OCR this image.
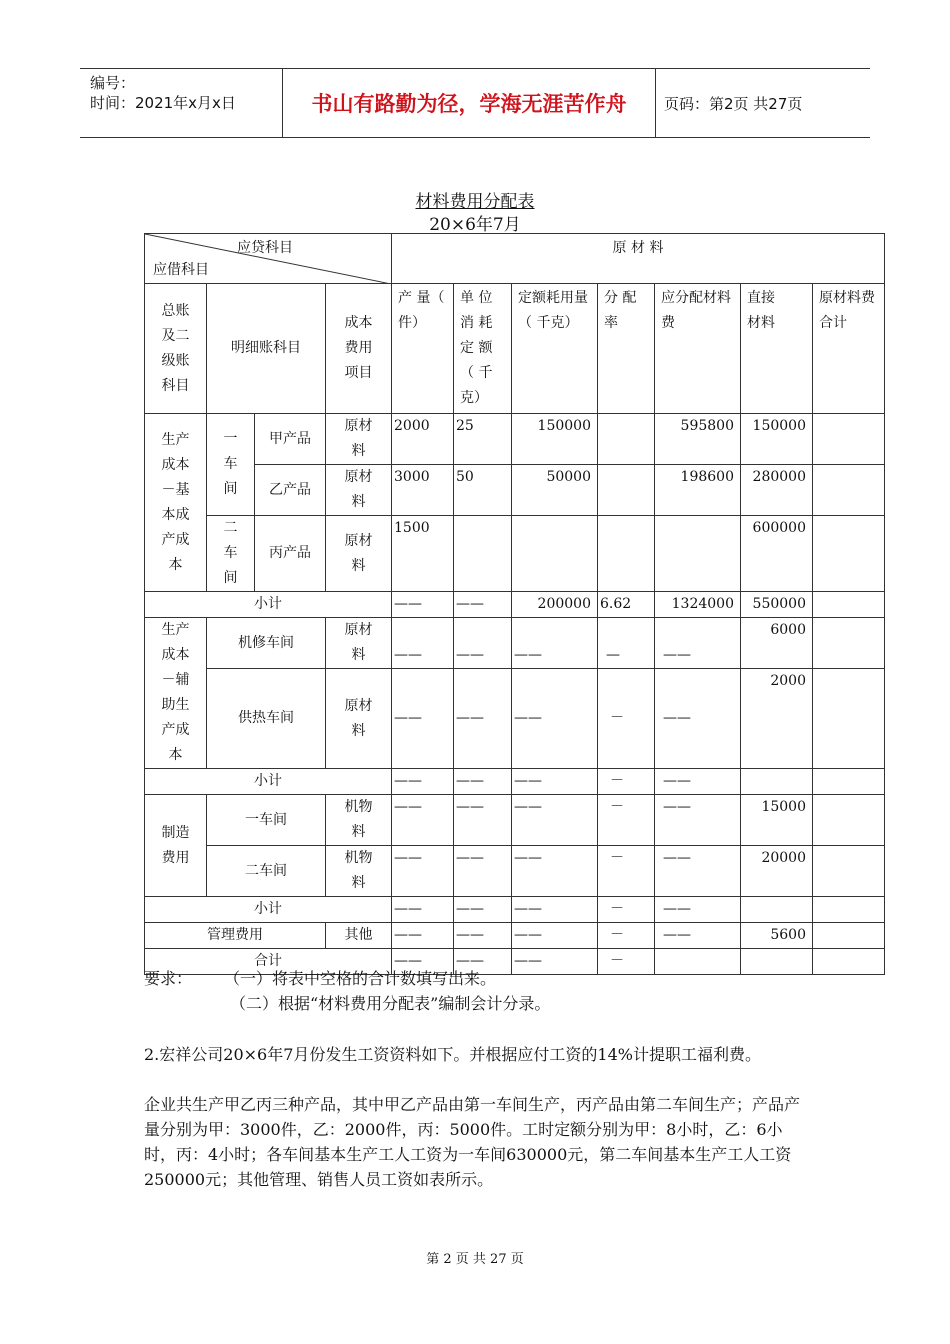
编号：
时间：2021年x月x日	书山有路勤为径，学海无涯苦作舟	页码：第2页 共27页
材料费用分配表
20×6年7月
应贷科目
应借科目				原 材 料						

总账及二级账科目	明细账科目		成本费用项目	产 量（ 件）	单 位消 耗定 额（ 千克）	定额耗用量（ 千克）	分 配率	应分配材料费	直接材料	原材料费合计

生产成本－基本成产成本	一车间	甲产品	原材料	2000	25	150000		595800	150000	
		乙产品	原材料	3000	50	50000		198600	280000	

	二车间	丙产品	原材料	1500					600000	
小计				——	——	200000	6.62	1324000	550000	

生产成本－辅助生产成本	机修车间		原材料	——	——	——	—	——	6000	
	供热车间		原材料	——	——	——	－	——	2000	
小计				——	——	——	－	——		

制造费用	一车间		机物料	——	——	——	－	——	15000	
	二车间		机物料	——	——	——	－	——	20000	
小计				——	——	——	－	——		
管理费用			其他	——	——	——	－	——	5600	
合计				——	——	——	－			
要求： （一）将表中空格的合计数填写出来。
（二）根据“材料费用分配表”编制会计分录。
2.宏祥公司20×6年7月份发生工资资料如下。并根据应付工资的14%计提职工福利费。
企业共生产甲乙丙三种产品，其中甲乙产品由第一车间生产，丙产品由第二车间生产；产品产量分别为甲：3000件，乙：2000件，丙：5000件。工时定额分别为甲：8小时，乙：6小时，丙：4小时；各车间基本生产工人工资为一车间630000元，第二车间基本生产工人工资250000元；其他管理、销售人员工资如表所示。
第 2 页 共 27 页
